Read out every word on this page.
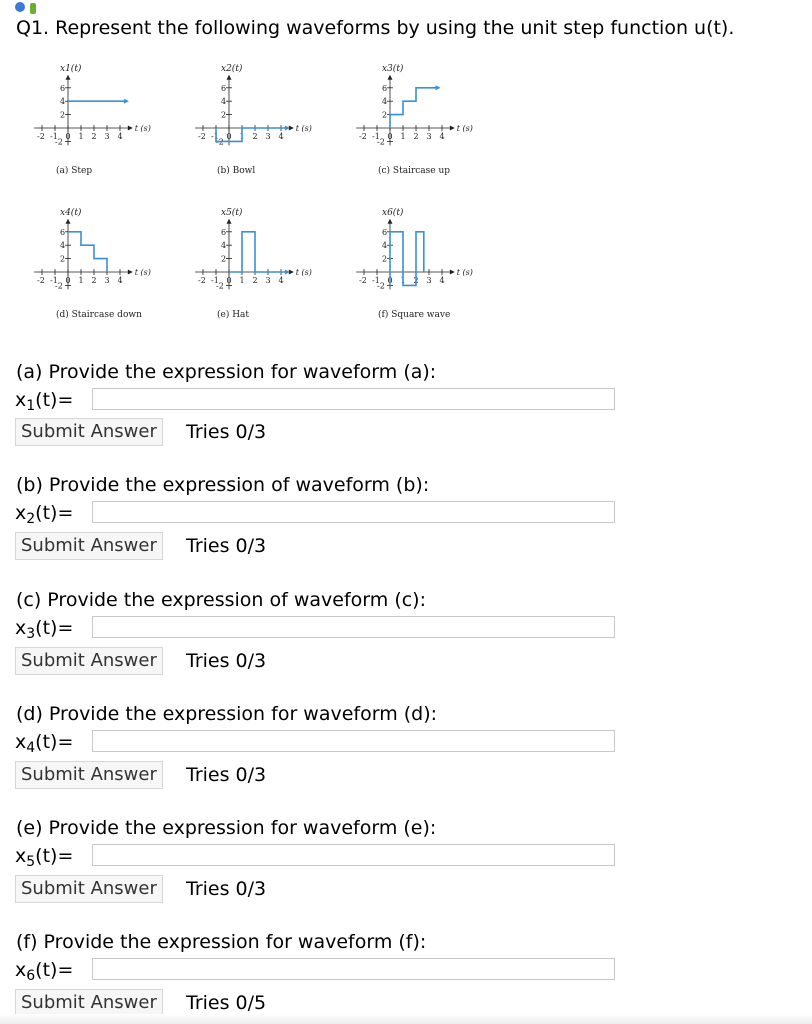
Q1. Represent the following waveforms by using the unit step function u(t).
-2 -1 0 1 2 3 4
6
4
2
-2
t (s)
x1(t)
(a) Step
-2 -1 0 1 2 3 4
6
4
2
-2
t (s)
x2(t)
(b) Bowl
-2 -1 0 1 2 3 4
6
4
2
-2
t (s)
x3(t)
(c) Staircase up
-2 -1 0 1 2 3 4
6
4
2
-2
t (s)
x4(t)
(d) Staircase down
-2 -1 0 1 2 3 4
6
4
2
-2
t (s)
x5(t)
(e) Hat
-2 -1 0 1 2 3 4
6
4
2
-2
t (s)
x6(t)
(f) Square wave
(a) Provide the expression for waveform (a):
$x_1(t)=$
Submit Answer	Tries 0/3
(b) Provide the expression of waveform (b):
$x_2(t)=$
Submit Answer	Tries 0/3
(c) Provide the expression of waveform (c):
$x_3(t)=$
Submit Answer	Tries 0/3
(d) Provide the expression for waveform (d):
$x_4(t)=$
Submit Answer	Tries 0/3
(e) Provide the expression for waveform (e):
$x_5(t)=$
Submit Answer	Tries 0/3
(f) Provide the expression for waveform (f):
$x_6(t)=$
Submit Answer	Tries 0/5
